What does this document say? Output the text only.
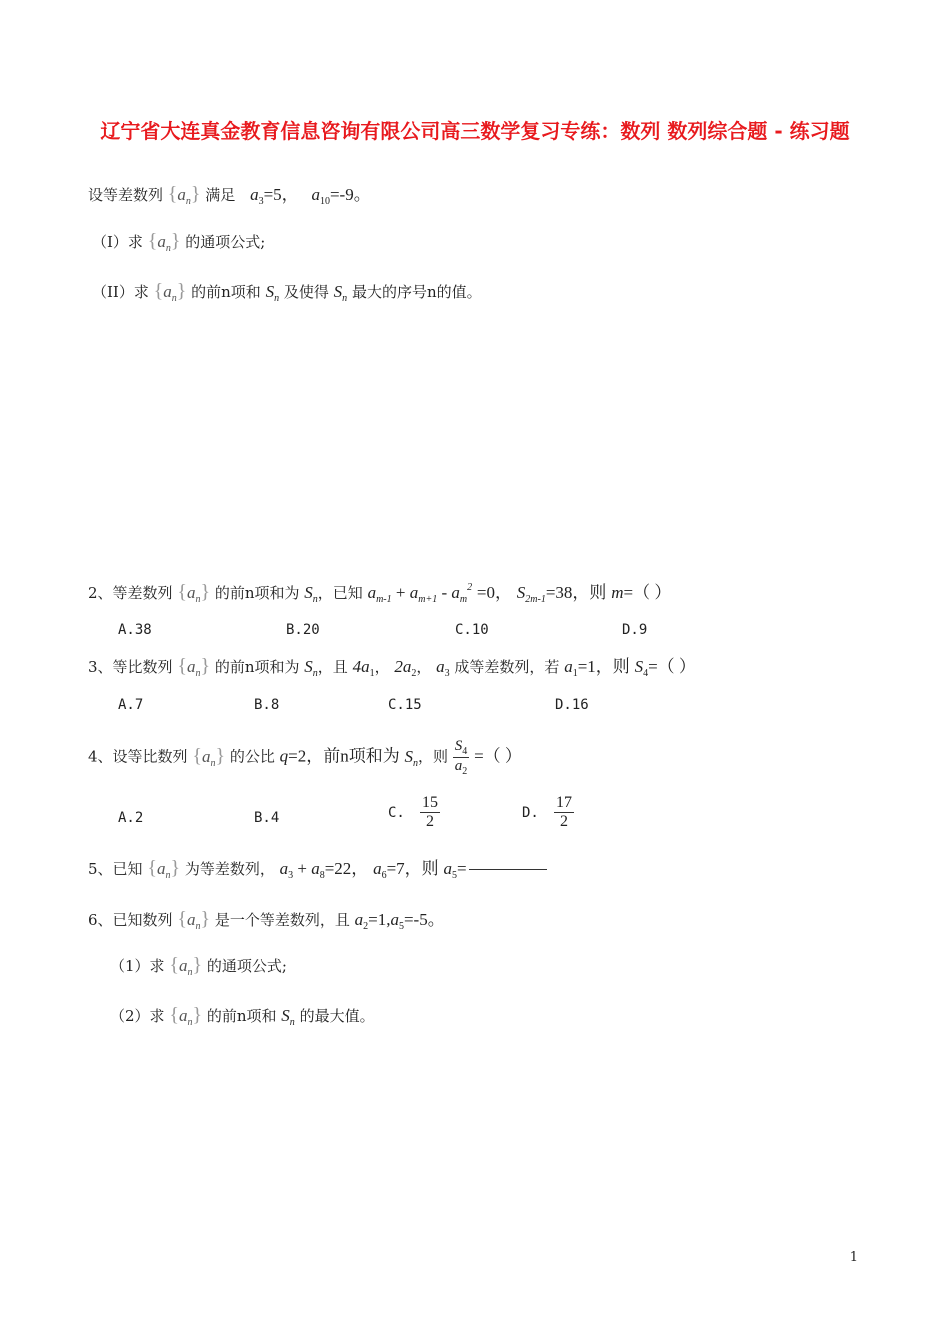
辽宁省大连真金教育信息咨询有限公司高三数学复习专练：数列 数列综合题 - 练习题
设等差数列 $\{a_n\}$ 满足 $a_3=5$， $a_{10}=-9$。
（I）求 $\{a_n\}$ 的通项公式;
（II）求 $\{a_n\}$ 的前n项和 $S_n$ 及使得 $S_n$ 最大的序号n的值。
2、等差数列 $\{a_n\}$ 的前n项和为 $S_n$，已知 $a_{m-1} + a_{m+1} - a_m^2 =0$， $S_{2m-1}=38$，则 m=（ ）
A.38	B.20	C.10	D.9
3、等比数列 $\{a_n\}$ 的前n项和为 $S_n$，且 $4a_1$， $2a_2$， $a_3$ 成等差数列，若 $a_1=1$，则 $S_4=$（ ）
A.7	B.8	C.15	D.16
4、设等比数列 $\{a_n\}$ 的公比 q=2，前n项和为 $S_n$，则 $\frac{S_4}{a_2}$ =（ ）
A.2	B.4	C. $\frac{15}{2}$	D. $\frac{17}{2}$
5、已知 $\{a_n\}$ 为等差数列， $a_3 + a_8=22$， $a_6=7$，则 $a_5=$
6、已知数列 $\{a_n\}$ 是一个等差数列，且 $a_2=1,a_5=-5$。
（1）求 $\{a_n\}$ 的通项公式;
（2）求 $\{a_n\}$ 的前n项和 $S_n$ 的最大值。
1
